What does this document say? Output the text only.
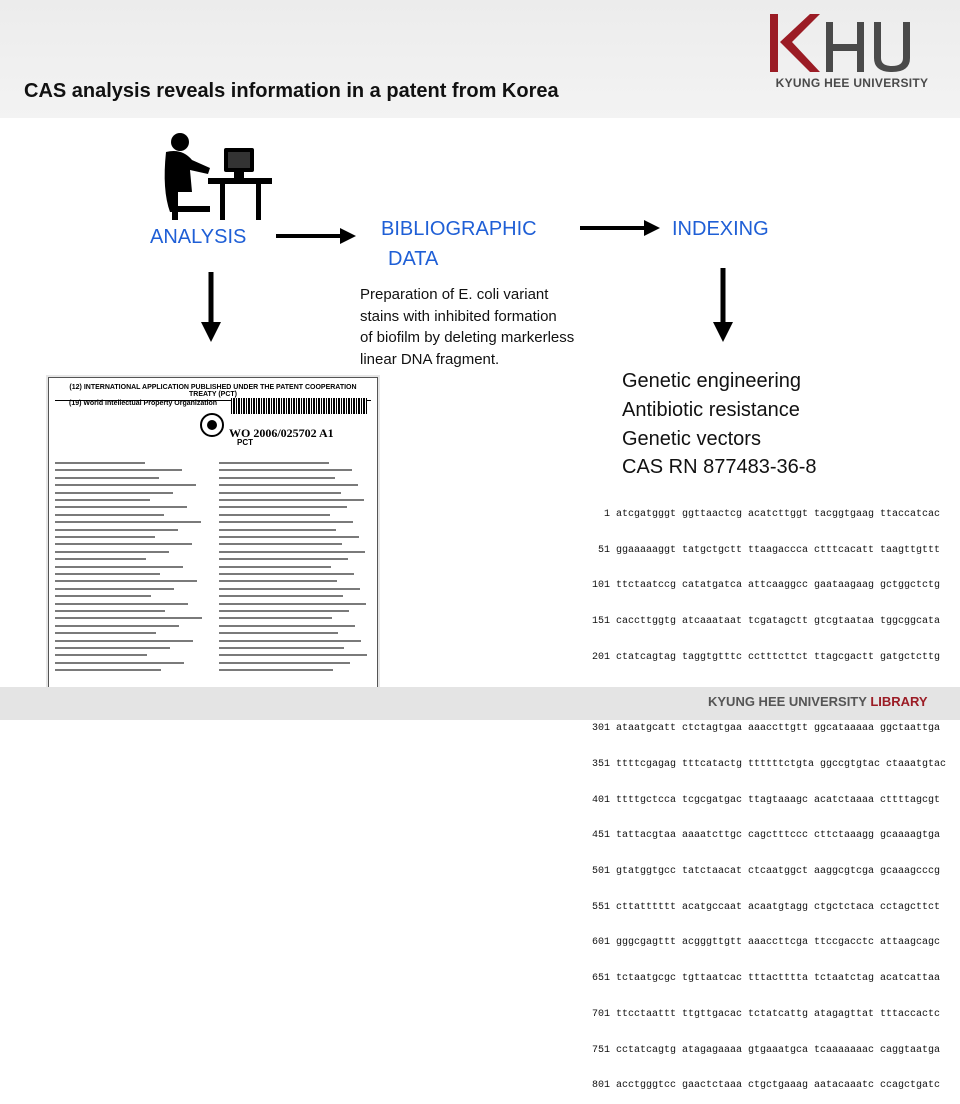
KYUNG HEE UNIVERSITY
CAS analysis reveals information in a patent from Korea
ANALYSIS	BIBLIOGRAPHIC
DATA
INDEXING
Preparation of E. coli variant
stains with inhibited formation
of biofilm by deleting markerless
linear DNA fragment.
Genetic engineering
Antibiotic resistance
Genetic vectors
CAS RN 877483-36-8
(12) INTERNATIONAL APPLICATION PUBLISHED UNDER THE PATENT COOPERATION TREATY (PCT)
(19) World Intellectual Property Organization
PCT
WO 2006/025702 A1

1 atcgatgggt ggttaactcg acatcttggt tacggtgaag ttaccatcac

51 ggaaaaaggt tatgctgctt ttaagaccca ctttcacatt taagttgttt

101 ttctaatccg catatgatca attcaaggcc gaataagaag gctggctctg

151 caccttggtg atcaaataat tcgatagctt gtcgtaataa tggcggcata

201 ctatcagtag taggtgtttc cctttcttct ttagcgactt gatgctcttg

301 ataatgcatt ctctagtgaa aaaccttgtt ggcataaaaa ggctaattga

351 ttttcgagag tttcatactg ttttttctgta ggccgtgtac ctaaatgtac

401 ttttgctcca tcgcgatgac ttagtaaagc acatctaaaa cttttagcgt

451 tattacgtaa aaaatcttgc cagctttccc cttctaaagg gcaaaagtga

501 gtatggtgcc tatctaacat ctcaatggct aaggcgtcga gcaaagcccg

551 cttatttttt acatgccaat acaatgtagg ctgctctaca cctagcttct

601 gggcgagttt acgggttgtt aaaccttcga ttccgacctc attaagcagc

651 tctaatgcgc tgttaatcac tttactttta tctaatctag acatcattaa

701 ttcctaattt ttgttgacac tctatcattg atagagttat tttaccactc

751 cctatcagtg atagagaaaa gtgaaatgca tcaaaaaaac caggtaatga

801 acctgggtcc gaactctaaa ctgctgaaag aatacaaatc ccagctgatc

KYUNG HEE UNIVERSITY LIBRARY
